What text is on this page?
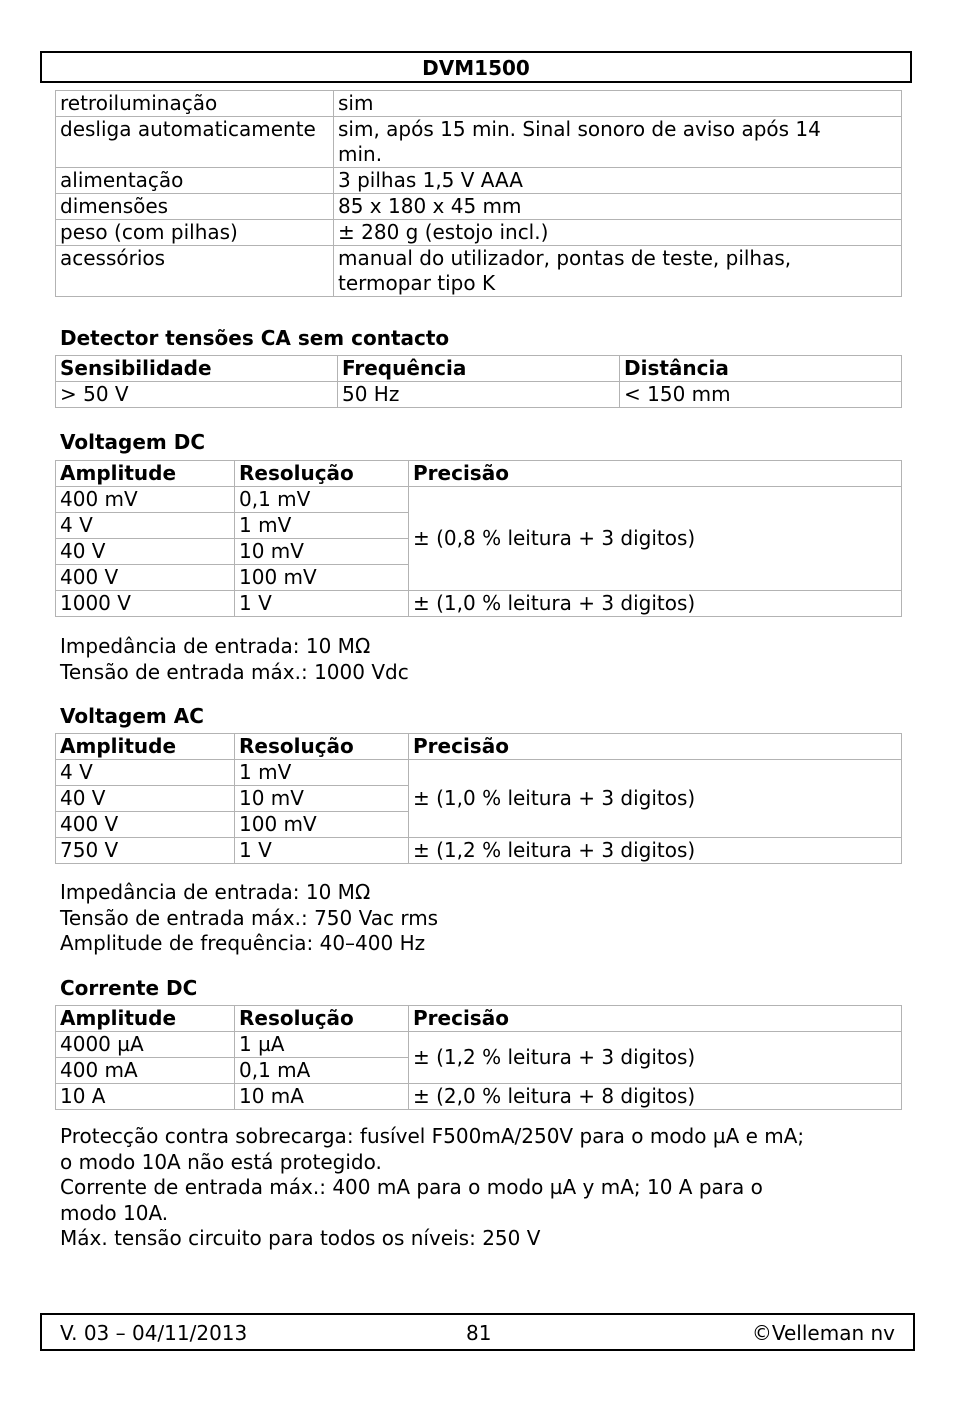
DVM1500
retroiluminação	sim
desliga automaticamente	sim, após 15 min. Sinal sonoro de aviso após 14 min.
alimentação	3 pilhas 1,5 V AAA
dimensões	85 x 180 x 45 mm
peso (com pilhas)	± 280 g (estojo incl.)
acessórios	manual do utilizador, pontas de teste, pilhas, termopar tipo K
Detector tensões CA sem contacto
Sensibilidade	Frequência	Distância
> 50 V	50 Hz	< 150 mm
Voltagem DC
Amplitude	Resolução	Precisão
400 mV	0,1 mV	± (0,8 % leitura + 3 digitos)
4 V	1 mV	
40 V	10 mV	
400 V	100 mV	
1000 V	1 V	± (1,0 % leitura + 3 digitos)
Impedância de entrada: 10 MΩ
Tensão de entrada máx.: 1000 Vdc
Voltagem AC
Amplitude	Resolução	Precisão
4 V	1 mV	± (1,0 % leitura + 3 digitos)
40 V	10 mV	
400 V	100 mV	
750 V	1 V	± (1,2 % leitura + 3 digitos)
Impedância de entrada: 10 MΩ
Tensão de entrada máx.: 750 Vac rms
Amplitude de frequência: 40–400 Hz
Corrente DC
Amplitude	Resolução	Precisão
4000 µA	1 µA	± (1,2 % leitura + 3 digitos)
400 mA	0,1 mA	
10 A	10 mA	± (2,0 % leitura + 8 digitos)
Protecção contra sobrecarga: fusível F500mA/250V para o modo µA e mA;
o modo 10A não está protegido.
Corrente de entrada máx.: 400 mA para o modo µA y mA; 10 A para o
modo 10A.
Máx. tensão circuito para todos os níveis: 250 V
V. 03 – 04/11/2013	81	©Velleman nv
